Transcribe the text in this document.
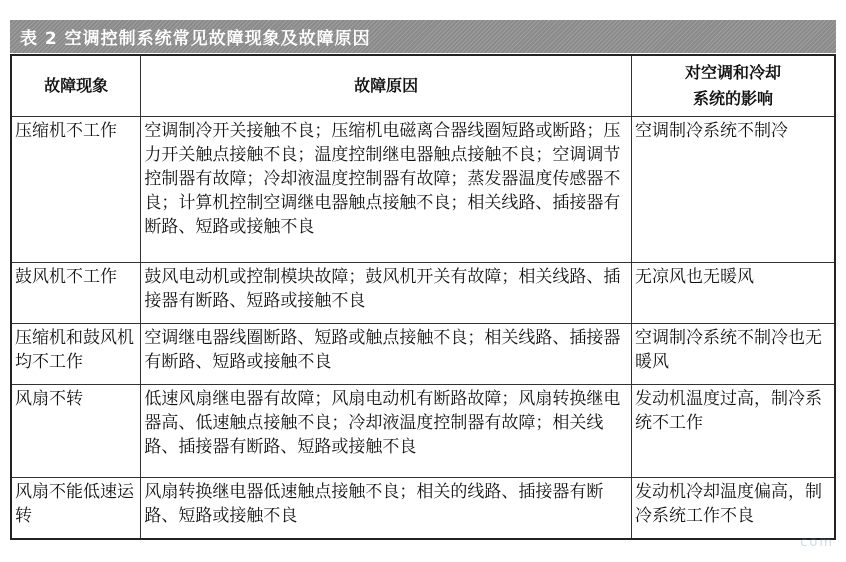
表 2 空调控制系统常见故障现象及故障原因
故障现象	故障原因	对空调和冷却
系统的影响

压缩机不工作	空调制冷开关接触不良；压缩机电磁离合器线圈短路或断路；压力开关触点接触不良；温度控制继电器触点接触不良；空调调节控制器有故障；冷却液温度控制器有故障；蒸发器温度传感器不良；计算机控制空调继电器触点接触不良；相关线路、插接器有断路、短路或接触不良	空调制冷系统不制冷
鼓风机不工作	鼓风电动机或控制模块故障；鼓风机开关有故障；相关线路、插接器有断路、短路或接触不良	无凉风也无暖风
压缩机和鼓风机均不工作	空调继电器线圈断路、短路或触点接触不良；相关线路、插接器有断路、短路或接触不良	空调制冷系统不制冷也无暖风
风扇不转	低速风扇继电器有故障；风扇电动机有断路故障；风扇转换继电器高、低速触点接触不良；冷却液温度控制器有故障；相关线路、插接器有断路、短路或接触不良	发动机温度过高，制冷系统不工作
风扇不能低速运转	风扇转换继电器低速触点接触不良；相关的线路、插接器有断路、短路或接触不良	发动机冷却温度偏高，制冷系统工作不良
com
